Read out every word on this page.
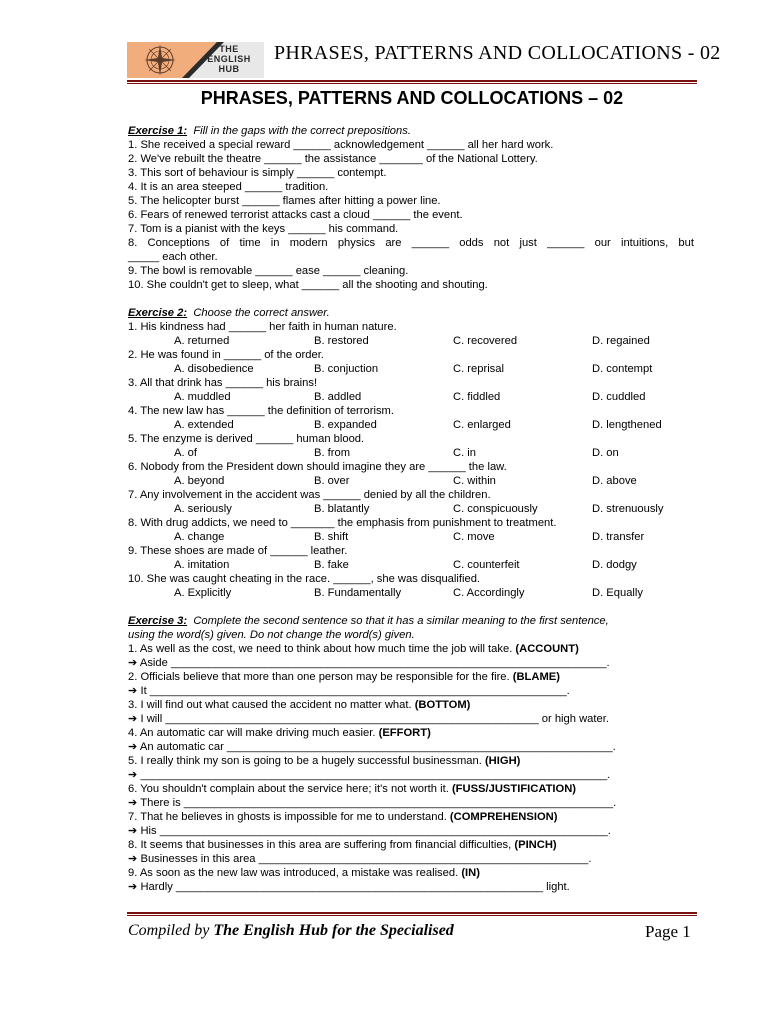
THE
ENGLISH
HUB
PHRASES, PATTERNS AND COLLOCATIONS - 02
PHRASES, PATTERNS AND COLLOCATIONS – 02
Exercise 1: Fill in the gaps with the correct prepositions.
1. She received a special reward ______ acknowledgement ______ all her hard work.
2. We've rebuilt the theatre ______ the assistance _______ of the National Lottery.
3. This sort of behaviour is simply ______ contempt.
4. It is an area steeped ______ tradition.
5. The helicopter burst ______ flames after hitting a power line.
6. Fears of renewed terrorist attacks cast a cloud ______ the event.
7. Tom is a pianist with the keys ______ his command.
8. Conceptions of time in modern physics are ______ odds not just ______ our intuitions, but
_____ each other.
9. The bowl is removable ______ ease ______ cleaning.
10. She couldn't get to sleep, what ______ all the shooting and shouting.
Exercise 2: Choose the correct answer.
1. His kindness had ______ her faith in human nature.
A. returned	B. restored	C. recovered	D. regained
2. He was found in ______ of the order.
A. disobedience	B. conjuction	C. reprisal	D. contempt
3. All that drink has ______ his brains!
A. muddled	B. addled	C. fiddled	D. cuddled
4. The new law has ______ the definition of terrorism.
A. extended	B. expanded	C. enlarged	D. lengthened
5. The enzyme is derived ______ human blood.
A. of	B. from	C. in	D. on
6. Nobody from the President down should imagine they are ______ the law.
A. beyond	B. over	C. within	D. above
7. Any involvement in the accident was ______ denied by all the children.
A. seriously	B. blatantly	C. conspicuously	D. strenuously
8. With drug addicts, we need to _______ the emphasis from punishment to treatment.
A. change	B. shift	C. move	D. transfer
9. These shoes are made of ______ leather.
A. imitation	B. fake	C. counterfeit	D. dodgy
10. She was caught cheating in the race. ______, she was disqualified.
A. Explicitly	B. Fundamentally	C. Accordingly	D. Equally
Exercise 3: Complete the second sentence so that it has a similar meaning to the first sentence,
using the word(s) given. Do not change the word(s) given.
1. As well as the cost, we need to think about how much time the job will take. (ACCOUNT)
➔ Aside ______________________________________________________________________.
2. Officials believe that more than one person may be responsible for the fire. (BLAME)
➔ It ___________________________________________________________________.
3. I will find out what caused the accident no matter what. (BOTTOM)
➔ I will ____________________________________________________________ or high water.
4. An automatic car will make driving much easier. (EFFORT)
➔ An automatic car ______________________________________________________________.
5. I really think my son is going to be a hugely successful businessman. (HIGH)
➔ ___________________________________________________________________________.
6. You shouldn't complain about the service here; it's not worth it. (FUSS/JUSTIFICATION)
➔ There is _____________________________________________________________________.
7. That he believes in ghosts is impossible for me to understand. (COMPREHENSION)
➔ His ________________________________________________________________________.
8. It seems that businesses in this area are suffering from financial difficulties, (PINCH)
➔ Businesses in this area _____________________________________________________.
9. As soon as the new law was introduced, a mistake was realised. (IN)
➔ Hardly ___________________________________________________________ light.
Compiled by The English Hub for the Specialised	Page 1
